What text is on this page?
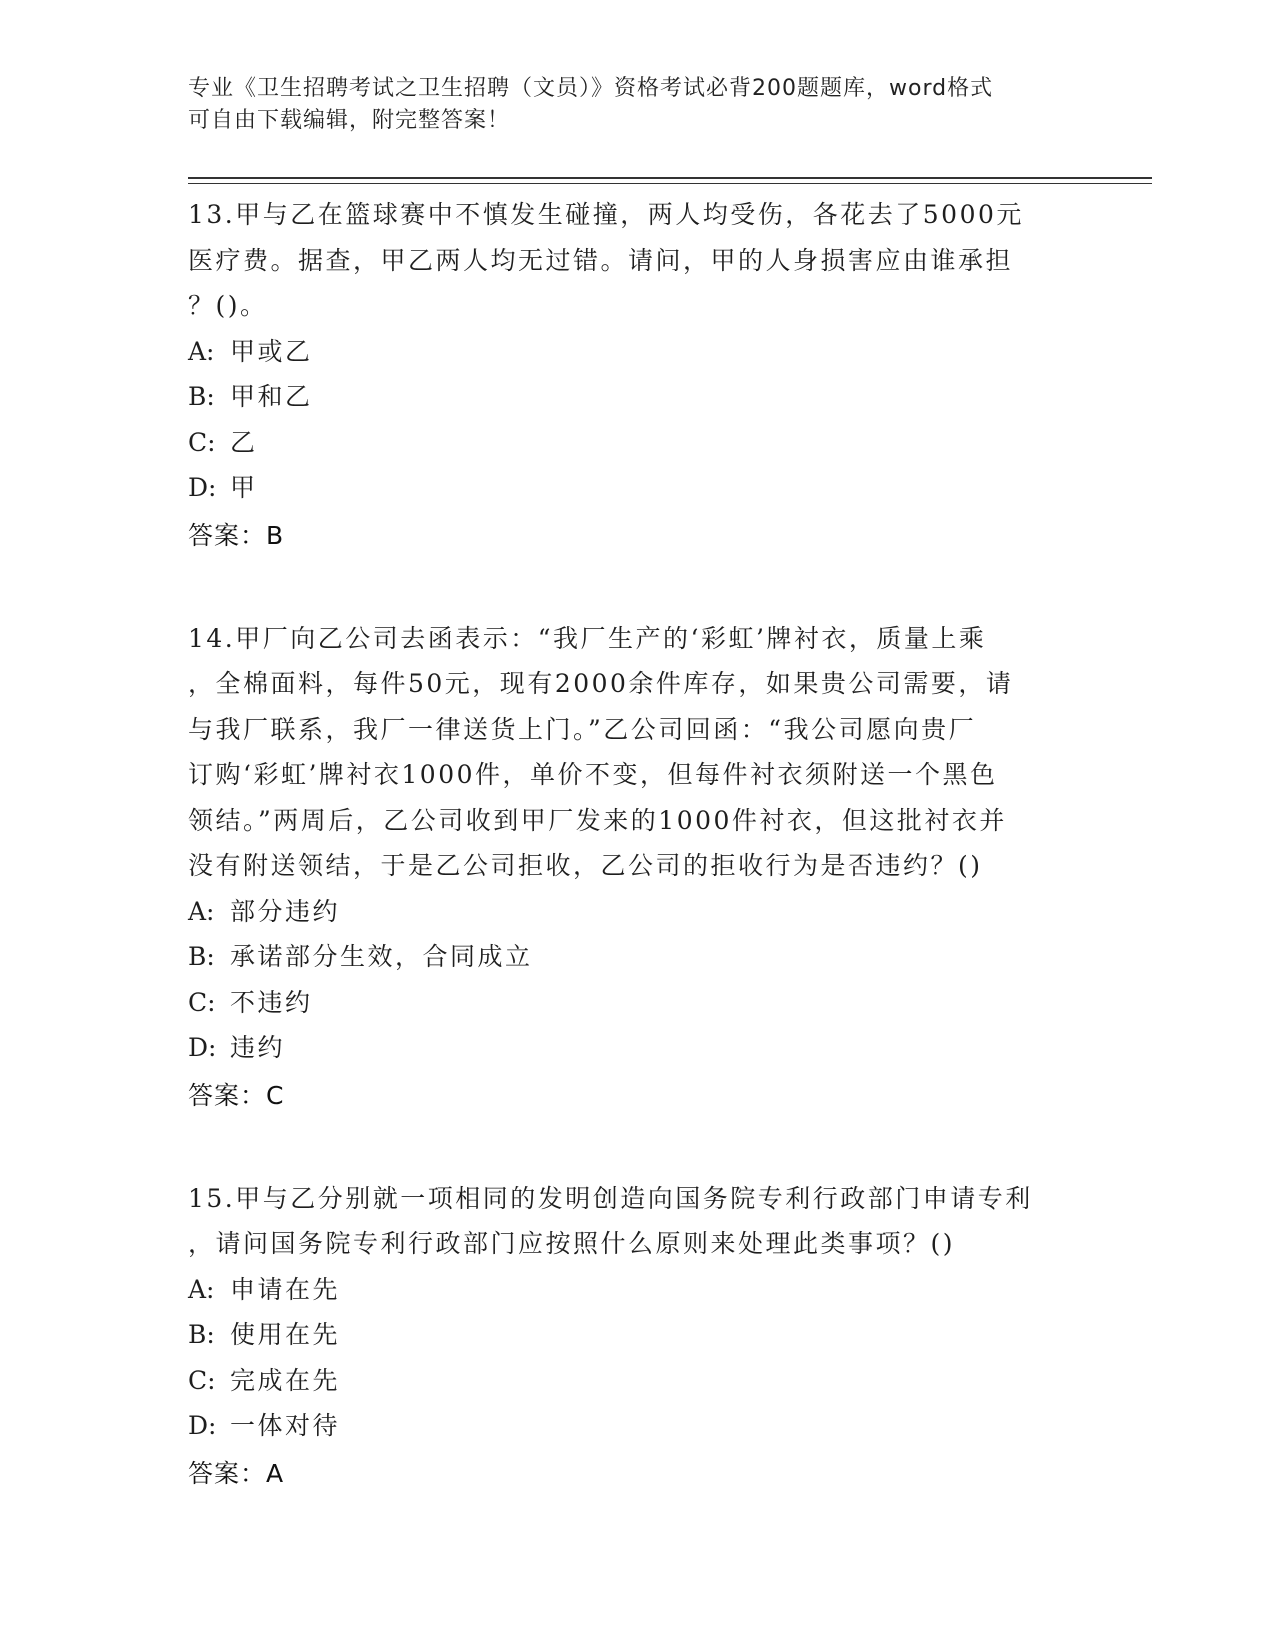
专业《卫生招聘考试之卫生招聘（文员）》资格考试必背200题题库，word格式
可自由下载编辑，附完整答案！
13.甲与乙在篮球赛中不慎发生碰撞，两人均受伤，各花去了5000元
医疗费。据查，甲乙两人均无过错。请问，甲的人身损害应由谁承担
？()。
A: 甲或乙
B: 甲和乙
C: 乙
D: 甲
答案：B
14.甲厂向乙公司去函表示：“我厂生产的‘彩虹’牌衬衣，质量上乘
，全棉面料，每件50元，现有2000余件库存，如果贵公司需要，请
与我厂联系，我厂一律送货上门。”乙公司回函：“我公司愿向贵厂
订购‘彩虹’牌衬衣1000件，单价不变，但每件衬衣须附送一个黑色
领结。”两周后，乙公司收到甲厂发来的1000件衬衣，但这批衬衣并
没有附送领结，于是乙公司拒收，乙公司的拒收行为是否违约？()
A: 部分违约
B: 承诺部分生效，合同成立
C: 不违约
D: 违约
答案：C
15.甲与乙分别就一项相同的发明创造向国务院专利行政部门申请专利
，请问国务院专利行政部门应按照什么原则来处理此类事项？()
A: 申请在先
B: 使用在先
C: 完成在先
D: 一体对待
答案：A
